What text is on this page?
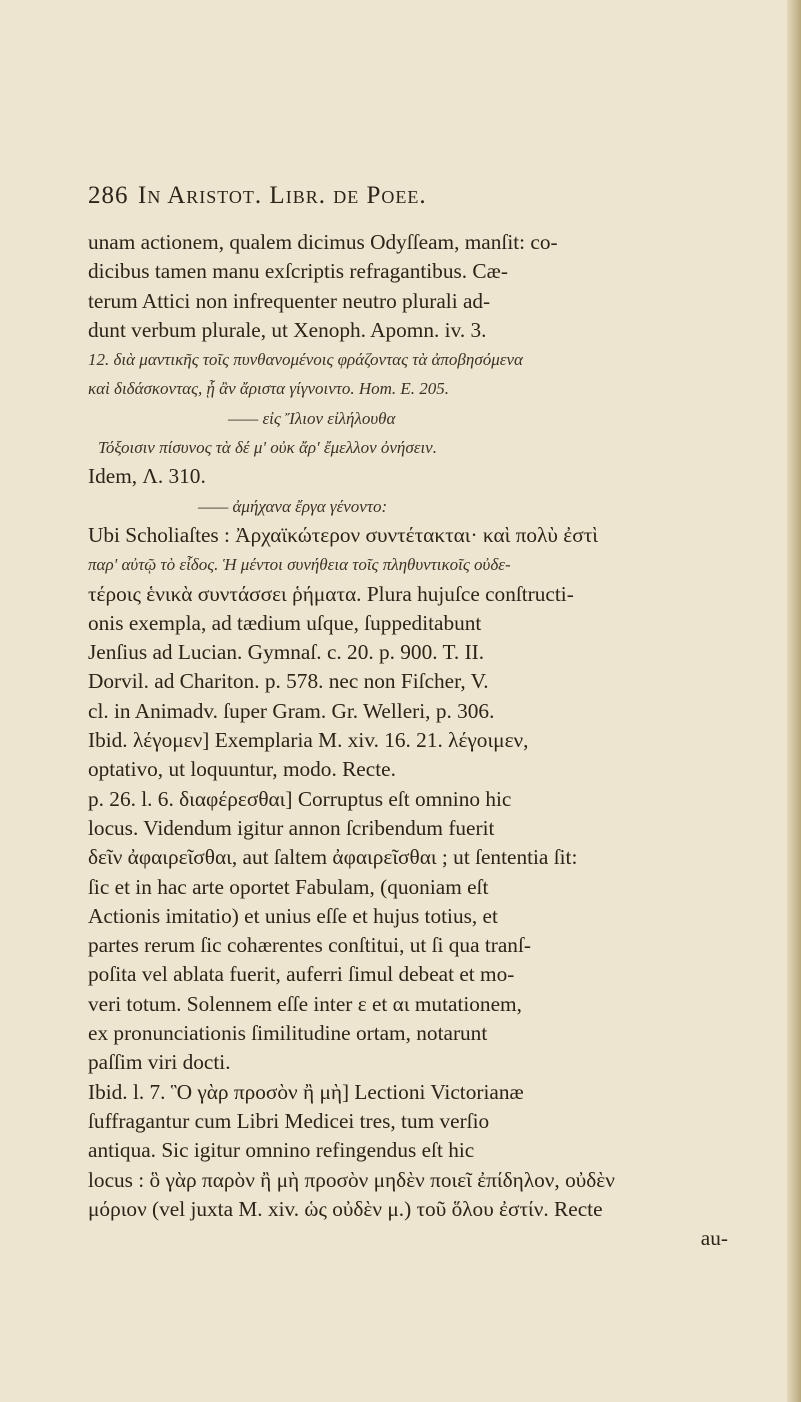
286 In Aristot. Libr. de Poee.
unam actionem, qualem dicimus Odyſſeam, manſit: co-
dicibus tamen manu exſcriptis refragantibus. Cæ-
terum Attici non infrequenter neutro plurali ad-
dunt verbum plurale, ut Xenoph. Apomn. iv. 3.
12. διὰ μαντικῆς τοῖς πυνθανομένοις φράζοντας τὰ ἀποβησόμενα
καὶ διδάσκοντας, ᾗ ἂν ἄριστα γίγνοιντο. Hom. E. 205.
—— εἰς Ἴλιον εἰλήλουθα
Τόξοισιν πίσυνος τὰ δέ μ' οὐκ ἄρ' ἔμελλον ὀνήσειν.
Idem, Λ. 310.
—— ἀμήχανα ἔργα γένοντο:
Ubi Scholiaſtes : Ἀρχαϊκώτερον συντέτακται· καὶ πολὺ ἐστὶ
παρ' αὐτῷ τὸ εἶδος. Ἡ μέντοι συνήθεια τοῖς πληθυντικοῖς οὐδε-
τέροις ἑνικὰ συντάσσει ῥήματα. Plura hujuſce conſtructi-
onis exempla, ad tædium uſque, ſuppeditabunt
Jenſius ad Lucian. Gymnaſ. c. 20. p. 900. T. II.
Dorvil. ad Chariton. p. 578. nec non Fiſcher, V.
cl. in Animadv. ſuper Gram. Gr. Welleri, p. 306.
Ibid. λέγομεν] Exemplaria M. xiv. 16. 21. λέγοιμεν,
optativo, ut loquuntur, modo. Recte.
p. 26. l. 6. διαφέρεσθαι] Corruptus eſt omnino hic
locus. Videndum igitur annon ſcribendum fuerit
δεῖν ἀφαιρεῖσθαι, aut ſaltem ἀφαιρεῖσθαι ; ut ſententia ſit:
ſic et in hac arte oportet Fabulam, (quoniam eſt
Actionis imitatio) et unius eſſe et hujus totius, et
partes rerum ſic cohærentes conſtitui, ut ſi qua tranſ-
poſita vel ablata fuerit, auferri ſimul debeat et mo-
veri totum. Solennem eſſe inter ε et αι mutationem,
ex pronunciationis ſimilitudine ortam, notarunt
paſſim viri docti.
Ibid. l. 7. Ὃ γὰρ προσὸν ἢ μὴ] Lectioni Victorianæ
ſuffragantur cum Libri Medicei tres, tum verſio
antiqua. Sic igitur omnino refingendus eſt hic
locus : ὃ γὰρ παρὸν ἢ μὴ προσὸν μηδὲν ποιεῖ ἐπίδηλον, οὐδὲν
μόριον (vel juxta M. xiv. ὡς οὐδὲν μ.) τοῦ ὅλου ἐστίν. Recte
au-
